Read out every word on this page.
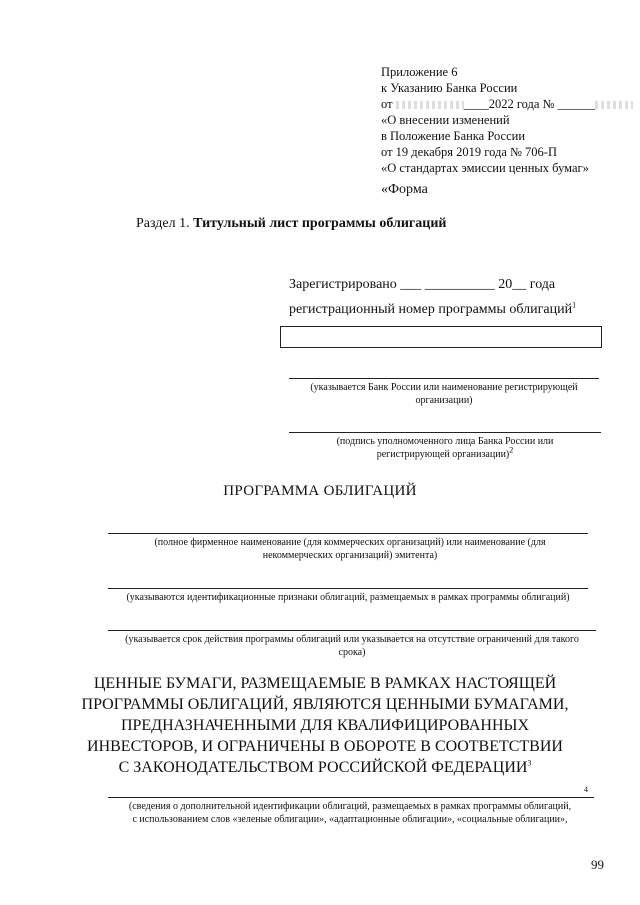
Приложение 6
к Указанию Банка России
от	____2022 года № ______
«О внесении изменений
в Положение Банка России
от 19 декабря 2019 года № 706-П
«О стандартах эмиссии ценных бумаг»
«Форма
Раздел 1. Титульный лист программы облигаций
Зарегистрировано ___ __________ 20__ года
регистрационный номер программы облигаций$^1$
(указывается Банк России или наименование регистрирующей организации)
(подпись уполномоченного лица Банка России или регистрирующей организации)$^2$
ПРОГРАММА ОБЛИГАЦИЙ
(полное фирменное наименование (для коммерческих организаций) или наименование (для некоммерческих организаций) эмитента)
(указываются идентификационные признаки облигаций, размещаемых в рамках программы облигаций)
(указывается срок действия программы облигаций или указывается на отсутствие ограничений для такого срока)
ЦЕННЫЕ БУМАГИ, РАЗМЕЩАЕМЫЕ В РАМКАХ НАСТОЯЩЕЙ ПРОГРАММЫ ОБЛИГАЦИЙ, ЯВЛЯЮТСЯ ЦЕННЫМИ БУМАГАМИ, ПРЕДНАЗНАЧЕННЫМИ ДЛЯ КВАЛИФИЦИРОВАННЫХ ИНВЕСТОРОВ, И ОГРАНИЧЕНЫ В ОБОРОТЕ В СООТВЕТСТВИИ С ЗАКОНОДАТЕЛЬСТВОМ РОССИЙСКОЙ ФЕДЕРАЦИИ$^3$
4
(сведения о дополнительной идентификации облигаций, размещаемых в рамках программы облигаций,
с использованием слов «зеленые облигации», «адаптационные облигации», «социальные облигации»,
99
